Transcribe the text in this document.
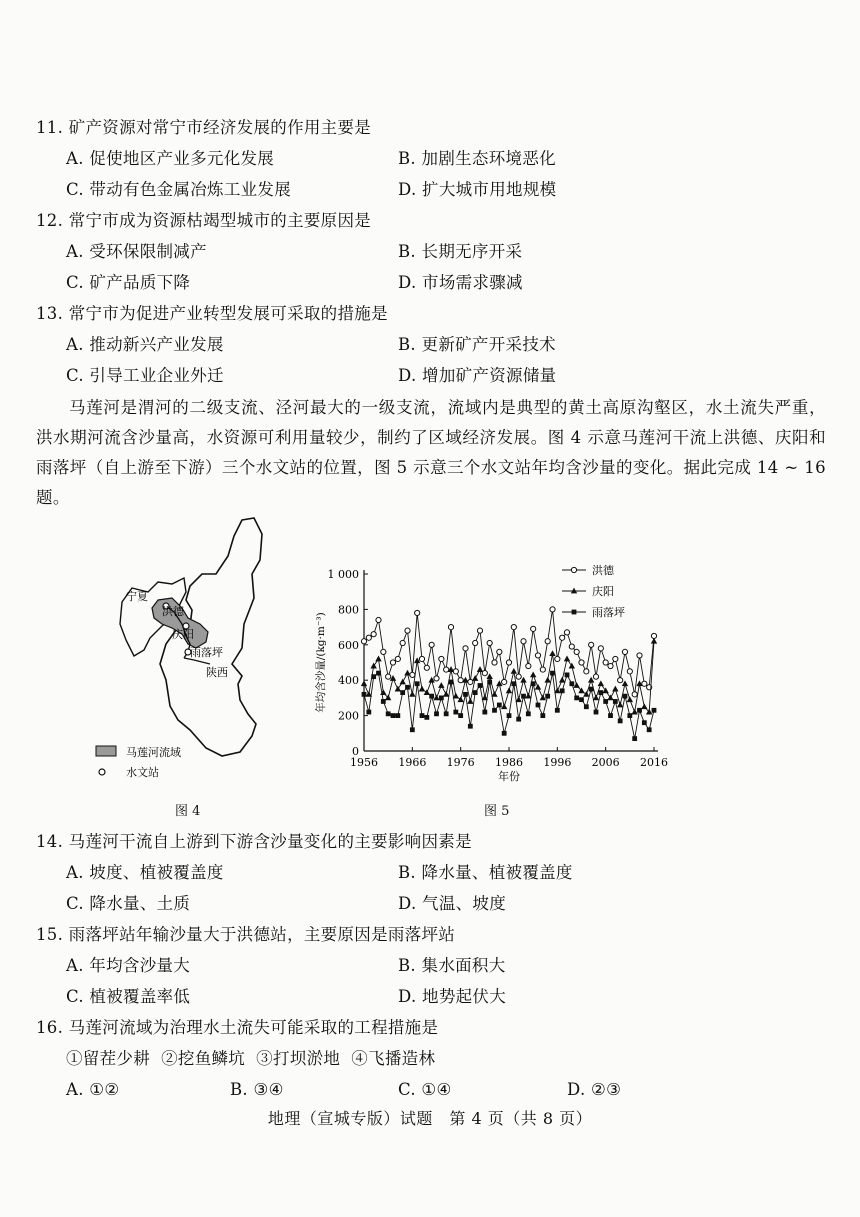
11. 矿产资源对常宁市经济发展的作用主要是
A. 促使地区产业多元化发展	B. 加剧生态环境恶化
C. 带动有色金属冶炼工业发展	D. 扩大城市用地规模
12. 常宁市成为资源枯竭型城市的主要原因是
A. 受环保限制减产	B. 长期无序开采
C. 矿产品质下降	D. 市场需求骤减
13. 常宁市为促进产业转型发展可采取的措施是
A. 推动新兴产业发展	B. 更新矿产开采技术
C. 引导工业企业外迁	D. 增加矿产资源储量
马莲河是渭河的二级支流、泾河最大的一级支流，流域内是典型的黄土高原沟壑区，水土流失严重，洪水期河流含沙量高，水资源可利用量较少，制约了区域经济发展。图 4 示意马莲河干流上洪德、庆阳和雨落坪（自上游至下游）三个水文站的位置，图 5 示意三个水文站年均含沙量的变化。据此完成 14 ~ 16 题。
宁夏
洪德
庆阳
雨落坪
陕西
马莲河流域
水文站
图 4
0
200
400
600
800
1 000
1956 1966 1976 1986 1996 2006 2016
年份
年均含沙量/(kg·m⁻³)
洪德
庆阳
雨落坪
图 5
14. 马莲河干流自上游到下游含沙量变化的主要影响因素是
A. 坡度、植被覆盖度	B. 降水量、植被覆盖度
C. 降水量、土质	D. 气温、坡度
15. 雨落坪站年输沙量大于洪德站，主要原因是雨落坪站
A. 年均含沙量大	B. 集水面积大
C. 植被覆盖率低	D. 地势起伏大
16. 马莲河流域为治理水土流失可能采取的工程措施是
①留茬少耕  ②挖鱼鳞坑  ③打坝淤地  ④飞播造林
A. ①②	B. ③④	C. ①④	D. ②③
地理（宣城专版）试题　第 4 页（共 8 页）
